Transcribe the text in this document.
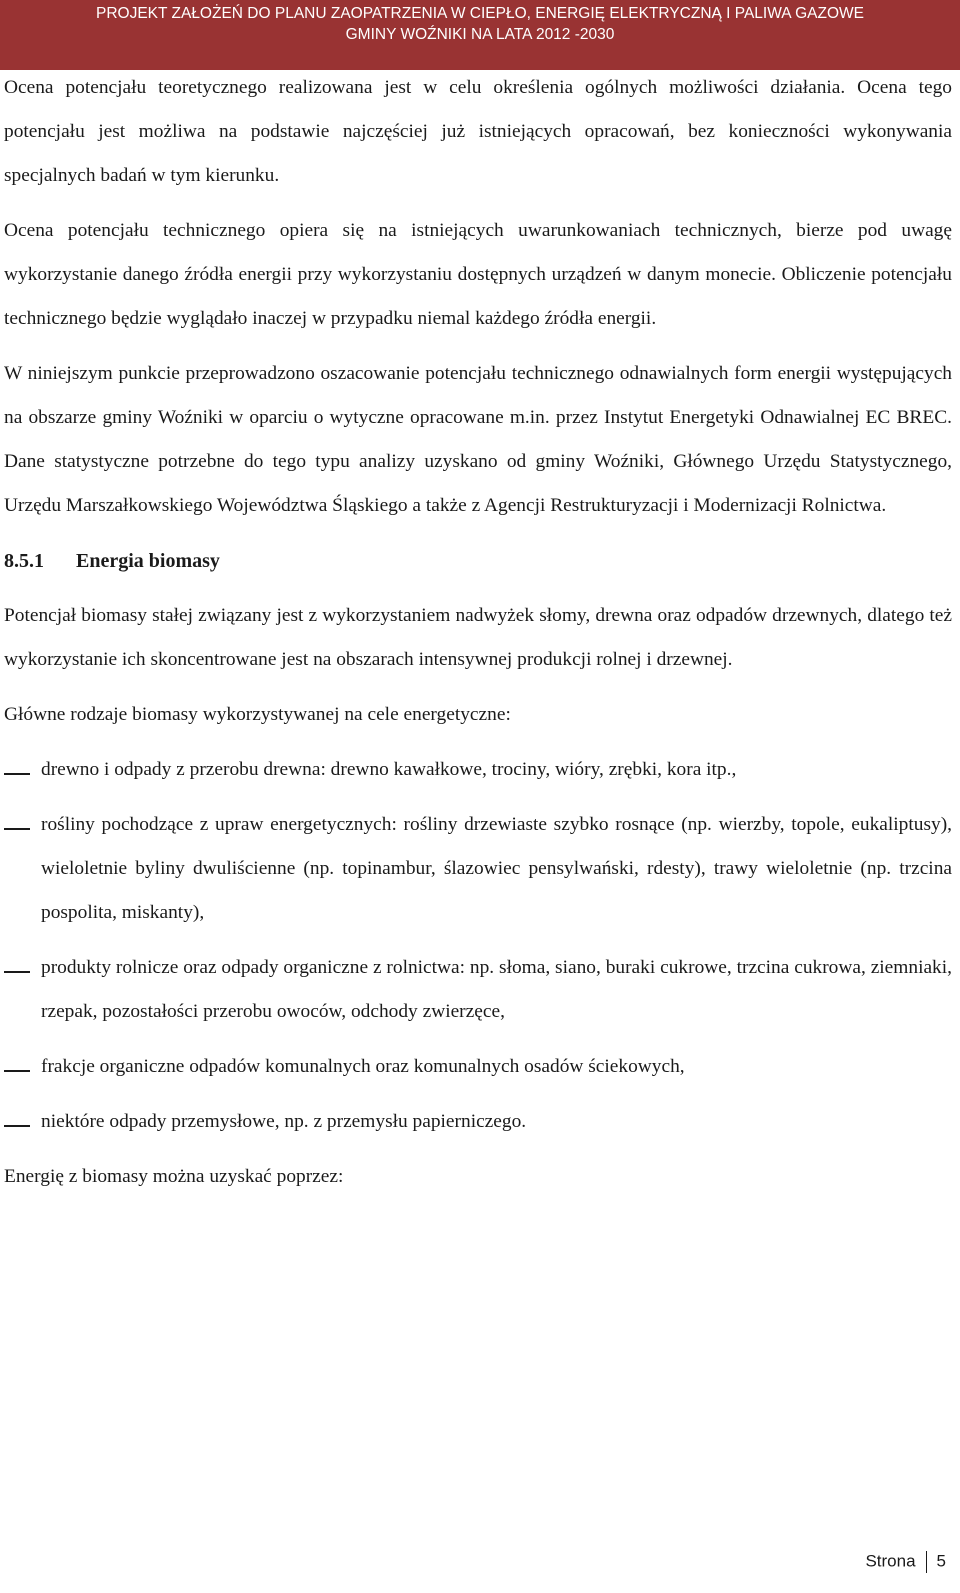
PROJEKT ZAŁOŻEŃ DO PLANU ZAOPATRZENIA W CIEPŁO, ENERGIĘ ELEKTRYCZNĄ I PALIWA GAZOWE
GMINY WOŹNIKI NA LATA 2012 -2030

Ocena potencjału teoretycznego realizowana jest w celu określenia ogólnych możliwości działania. Ocena tego potencjału jest możliwa na podstawie najczęściej już istniejących opracowań, bez konieczności wykonywania specjalnych badań w tym kierunku.

Ocena potencjału technicznego opiera się na istniejących uwarunkowaniach technicznych, bierze pod uwagę wykorzystanie danego źródła energii przy wykorzystaniu dostępnych urządzeń w danym monecie. Obliczenie potencjału technicznego będzie wyglądało inaczej w przypadku niemal każdego źródła energii.

W niniejszym punkcie przeprowadzono oszacowanie potencjału technicznego odnawialnych form energii występujących na obszarze gminy Woźniki w oparciu o wytyczne opracowane m.in. przez Instytut Energetyki Odnawialnej EC BREC. Dane statystyczne potrzebne do tego typu analizy uzyskano od gminy Woźniki, Głównego Urzędu Statystycznego, Urzędu Marszałkowskiego Województwa Śląskiego a także z Agencji Restrukturyzacji i Modernizacji Rolnictwa.

8.5.1 Energia biomasy

Potencjał biomasy stałej związany jest z wykorzystaniem nadwyżek słomy, drewna oraz odpadów drzewnych, dlatego też wykorzystanie ich skoncentrowane jest na obszarach intensywnej produkcji rolnej i drzewnej.

Główne rodzaje biomasy wykorzystywanej na cele energetyczne:

drewno i odpady z przerobu drewna: drewno kawałkowe, trociny, wióry, zrębki, kora itp.,
rośliny pochodzące z upraw energetycznych: rośliny drzewiaste szybko rosnące (np. wierzby, topole, eukaliptusy), wieloletnie byliny dwuliścienne (np. topinambur, ślazowiec pensylwański, rdesty), trawy wieloletnie (np. trzcina pospolita, miskanty),
produkty rolnicze oraz odpady organiczne z rolnictwa: np. słoma, siano, buraki cukrowe, trzcina cukrowa, ziemniaki, rzepak, pozostałości przerobu owoców, odchody zwierzęce,
frakcje organiczne odpadów komunalnych oraz komunalnych osadów ściekowych,
niektóre odpady przemysłowe, np. z przemysłu papierniczego.

Energię z biomasy można uzyskać poprzez:

Strona 5
